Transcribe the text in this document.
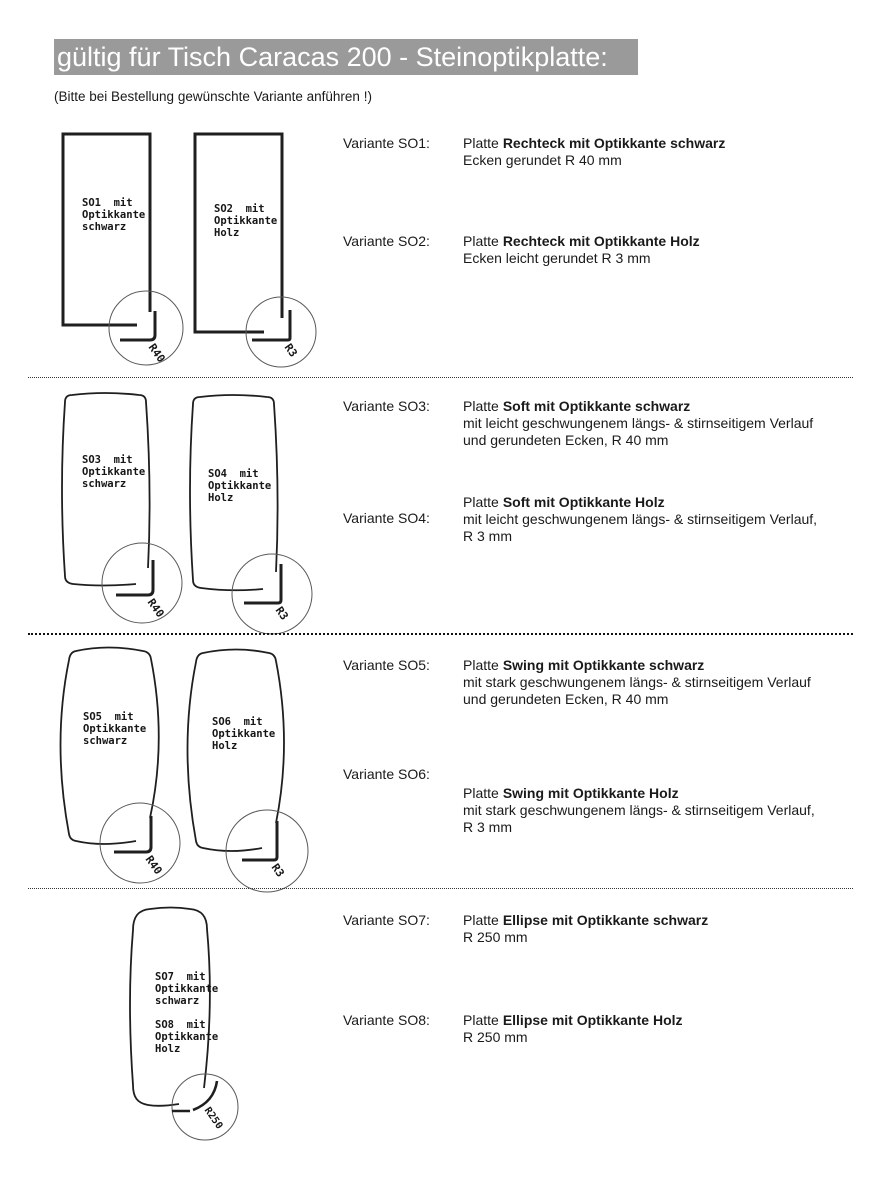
gültig für Tisch Caracas 200 - Steinoptikplatte:
(Bitte bei Bestellung gewünschte Variante anführen !)
R40
SO1  mit
Optikkante
schwarz
R3
SO2  mit
Optikkante
Holz
Variante SO1: Platte Rechteck mit Optikkante schwarz
Ecken gerundet R 40 mm
Variante SO2: Platte Rechteck mit Optikkante Holz
Ecken leicht gerundet R 3 mm
R40
SO3  mit
Optikkante
schwarz
R3
SO4  mit
Optikkante
Holz
Variante SO3: Platte Soft mit Optikkante schwarz
mit leicht geschwungenem längs- & stirnseitigem Verlauf
und gerundeten Ecken, R 40 mm
Variante SO4:
Platte Soft mit Optikkante Holz
mit leicht geschwungenem längs- & stirnseitigem Verlauf,
R 3 mm
R40
SO5  mit
Optikkante
schwarz
R3
SO6  mit
Optikkante
Holz
Variante SO5: Platte Swing mit Optikkante schwarz
mit stark geschwungenem längs- & stirnseitigem Verlauf
und gerundeten Ecken, R 40 mm
Variante SO6:
Platte Swing mit Optikkante Holz
mit stark geschwungenem längs- & stirnseitigem Verlauf,
R 3 mm
R250
SO7  mit
Optikkante
schwarz
SO8  mit
Optikkante
Holz
Variante SO7: Platte Ellipse mit Optikkante schwarz
R 250 mm
Variante SO8: Platte Ellipse mit Optikkante Holz
R 250 mm
